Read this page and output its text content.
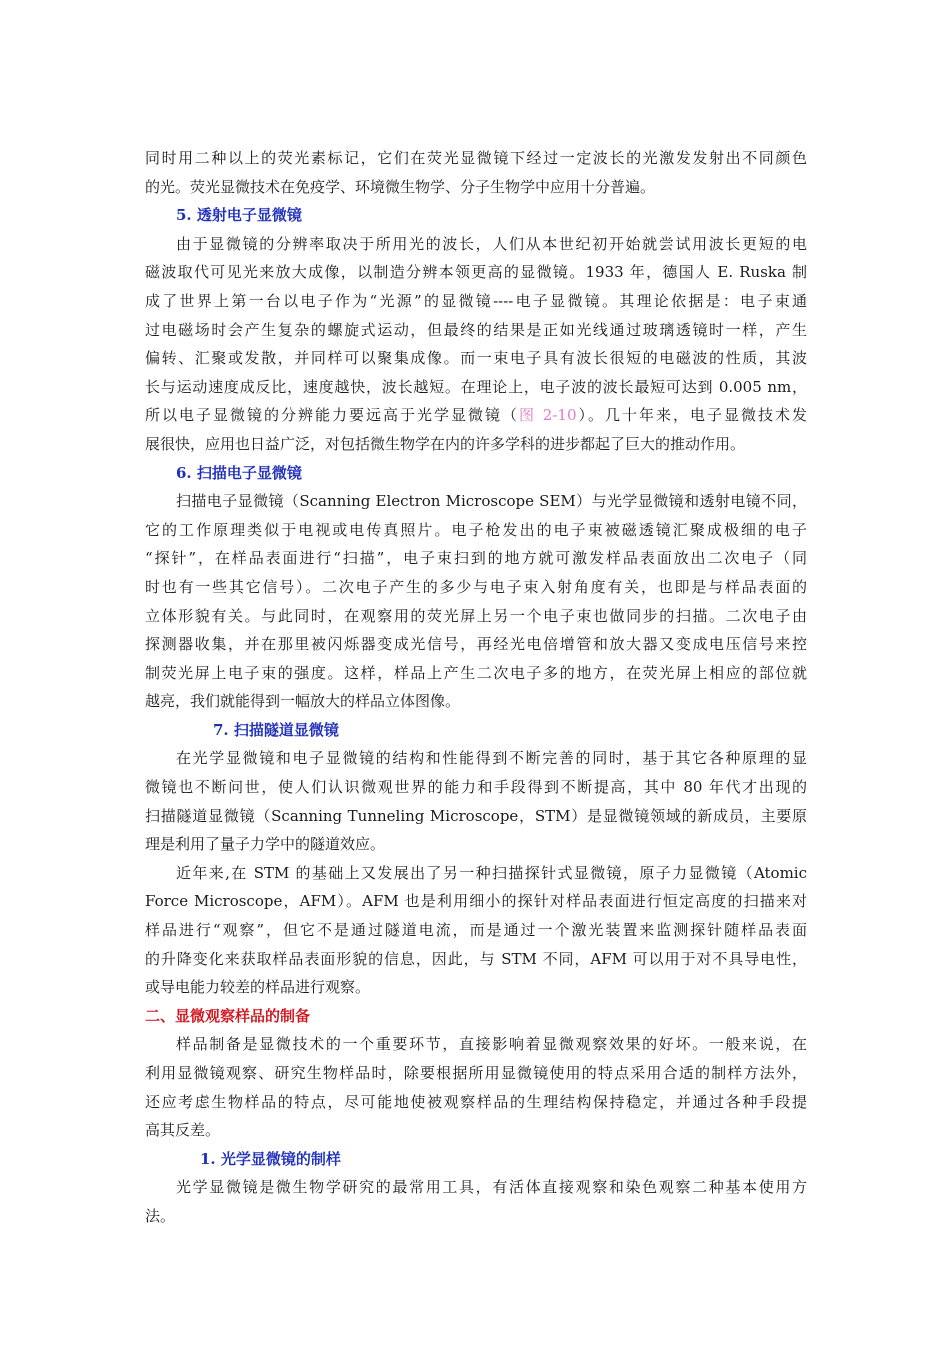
同时用二种以上的荧光素标记，它们在荧光显微镜下经过一定波长的光激发发射出不同颜色
的光。荧光显微技术在免疫学、环境微生物学、分子生物学中应用十分普遍。
5. 透射电子显微镜
由于显微镜的分辨率取决于所用光的波长，人们从本世纪初开始就尝试用波长更短的电
磁波取代可见光来放大成像，以制造分辨本领更高的显微镜。1933 年，德国人 E. Ruska 制
成了世界上第一台以电子作为“光源”的显微镜----电子显微镜。其理论依据是：电子束通
过电磁场时会产生复杂的螺旋式运动，但最终的结果是正如光线通过玻璃透镜时一样，产生
偏转、汇聚或发散，并同样可以聚集成像。而一束电子具有波长很短的电磁波的性质，其波
长与运动速度成反比，速度越快，波长越短。在理论上，电子波的波长最短可达到 0.005 nm，
所以电子显微镜的分辨能力要远高于光学显微镜（图 2-10）。几十年来，电子显微技术发
展很快，应用也日益广泛，对包括微生物学在内的许多学科的进步都起了巨大的推动作用。
6. 扫描电子显微镜
扫描电子显微镜（Scanning Electron Microscope SEM）与光学显微镜和透射电镜不同，
它的工作原理类似于电视或电传真照片。电子枪发出的电子束被磁透镜汇聚成极细的电子
“探针”，在样品表面进行“扫描”，电子束扫到的地方就可激发样品表面放出二次电子（同
时也有一些其它信号）。二次电子产生的多少与电子束入射角度有关，也即是与样品表面的
立体形貌有关。与此同时，在观察用的荧光屏上另一个电子束也做同步的扫描。二次电子由
探测器收集，并在那里被闪烁器变成光信号，再经光电倍增管和放大器又变成电压信号来控
制荧光屏上电子束的强度。这样，样品上产生二次电子多的地方，在荧光屏上相应的部位就
越亮，我们就能得到一幅放大的样品立体图像。
7. 扫描隧道显微镜
在光学显微镜和电子显微镜的结构和性能得到不断完善的同时，基于其它各种原理的显
微镜也不断问世，使人们认识微观世界的能力和手段得到不断提高，其中 80 年代才出现的
扫描隧道显微镜（Scanning Tunneling Microscope，STM）是显微镜领域的新成员，主要原
理是利用了量子力学中的隧道效应。
近年来,在 STM 的基础上又发展出了另一种扫描探针式显微镜，原子力显微镜（Atomic
Force Microscope，AFM）。AFM 也是利用细小的探针对样品表面进行恒定高度的扫描来对
样品进行“观察”，但它不是通过隧道电流，而是通过一个激光装置来监测探针随样品表面
的升降变化来获取样品表面形貌的信息，因此，与 STM 不同，AFM 可以用于对不具导电性，
或导电能力较差的样品进行观察。
二、显微观察样品的制备
样品制备是显微技术的一个重要环节，直接影响着显微观察效果的好坏。一般来说，在
利用显微镜观察、研究生物样品时，除要根据所用显微镜使用的特点采用合适的制样方法外，
还应考虑生物样品的特点，尽可能地使被观察样品的生理结构保持稳定，并通过各种手段提
高其反差。
1. 光学显微镜的制样
光学显微镜是微生物学研究的最常用工具，有活体直接观察和染色观察二种基本使用方
法。
